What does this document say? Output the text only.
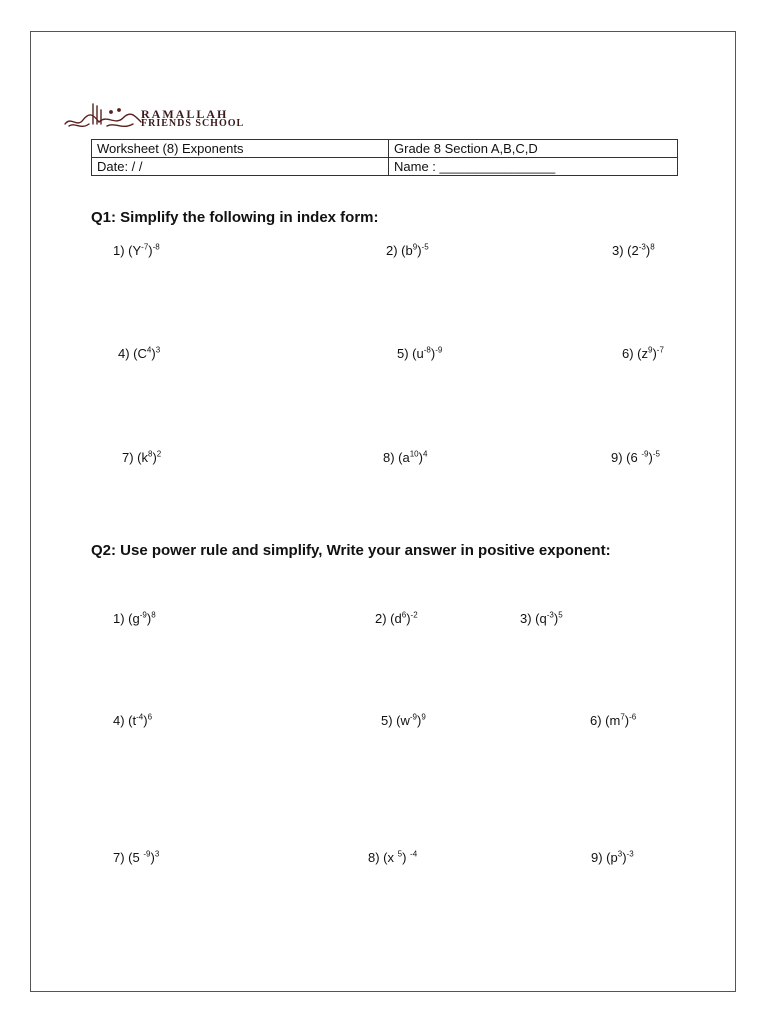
RAMALLAH
FRIENDS SCHOOL
Worksheet (8) Exponents	Grade 8 Section A,B,C,D
Date: / /	Name : ________________
Q1: Simplify the following in index form:
1) $(Y^{-7})^{-8}$	2) $(b^9)^{-5}$	3) $(2^{-3})^8$
4) $(C^4)^3$	5) $(u^{-8})^{-9}$	6) $(z^9)^{-7}$
7) $(k^8)^2$	8) $(a^{10})^4$	9) (6 $^{-9}$)$^{-5}$
Q2: Use power rule and simplify, Write your answer in positive exponent:
1) $(g^{-9})^8$	2) $(d^6)^{-2}$	3) $(q^{-3})^5$
4) $(t^{-4})^6$	5) $(w^{-9})^9$	6) $(m^7)^{-6}$
7) (5 $^{-9}$)$^3$	8) (x $^5$) $^{-4}$	9) $(p^3)^{-3}$
